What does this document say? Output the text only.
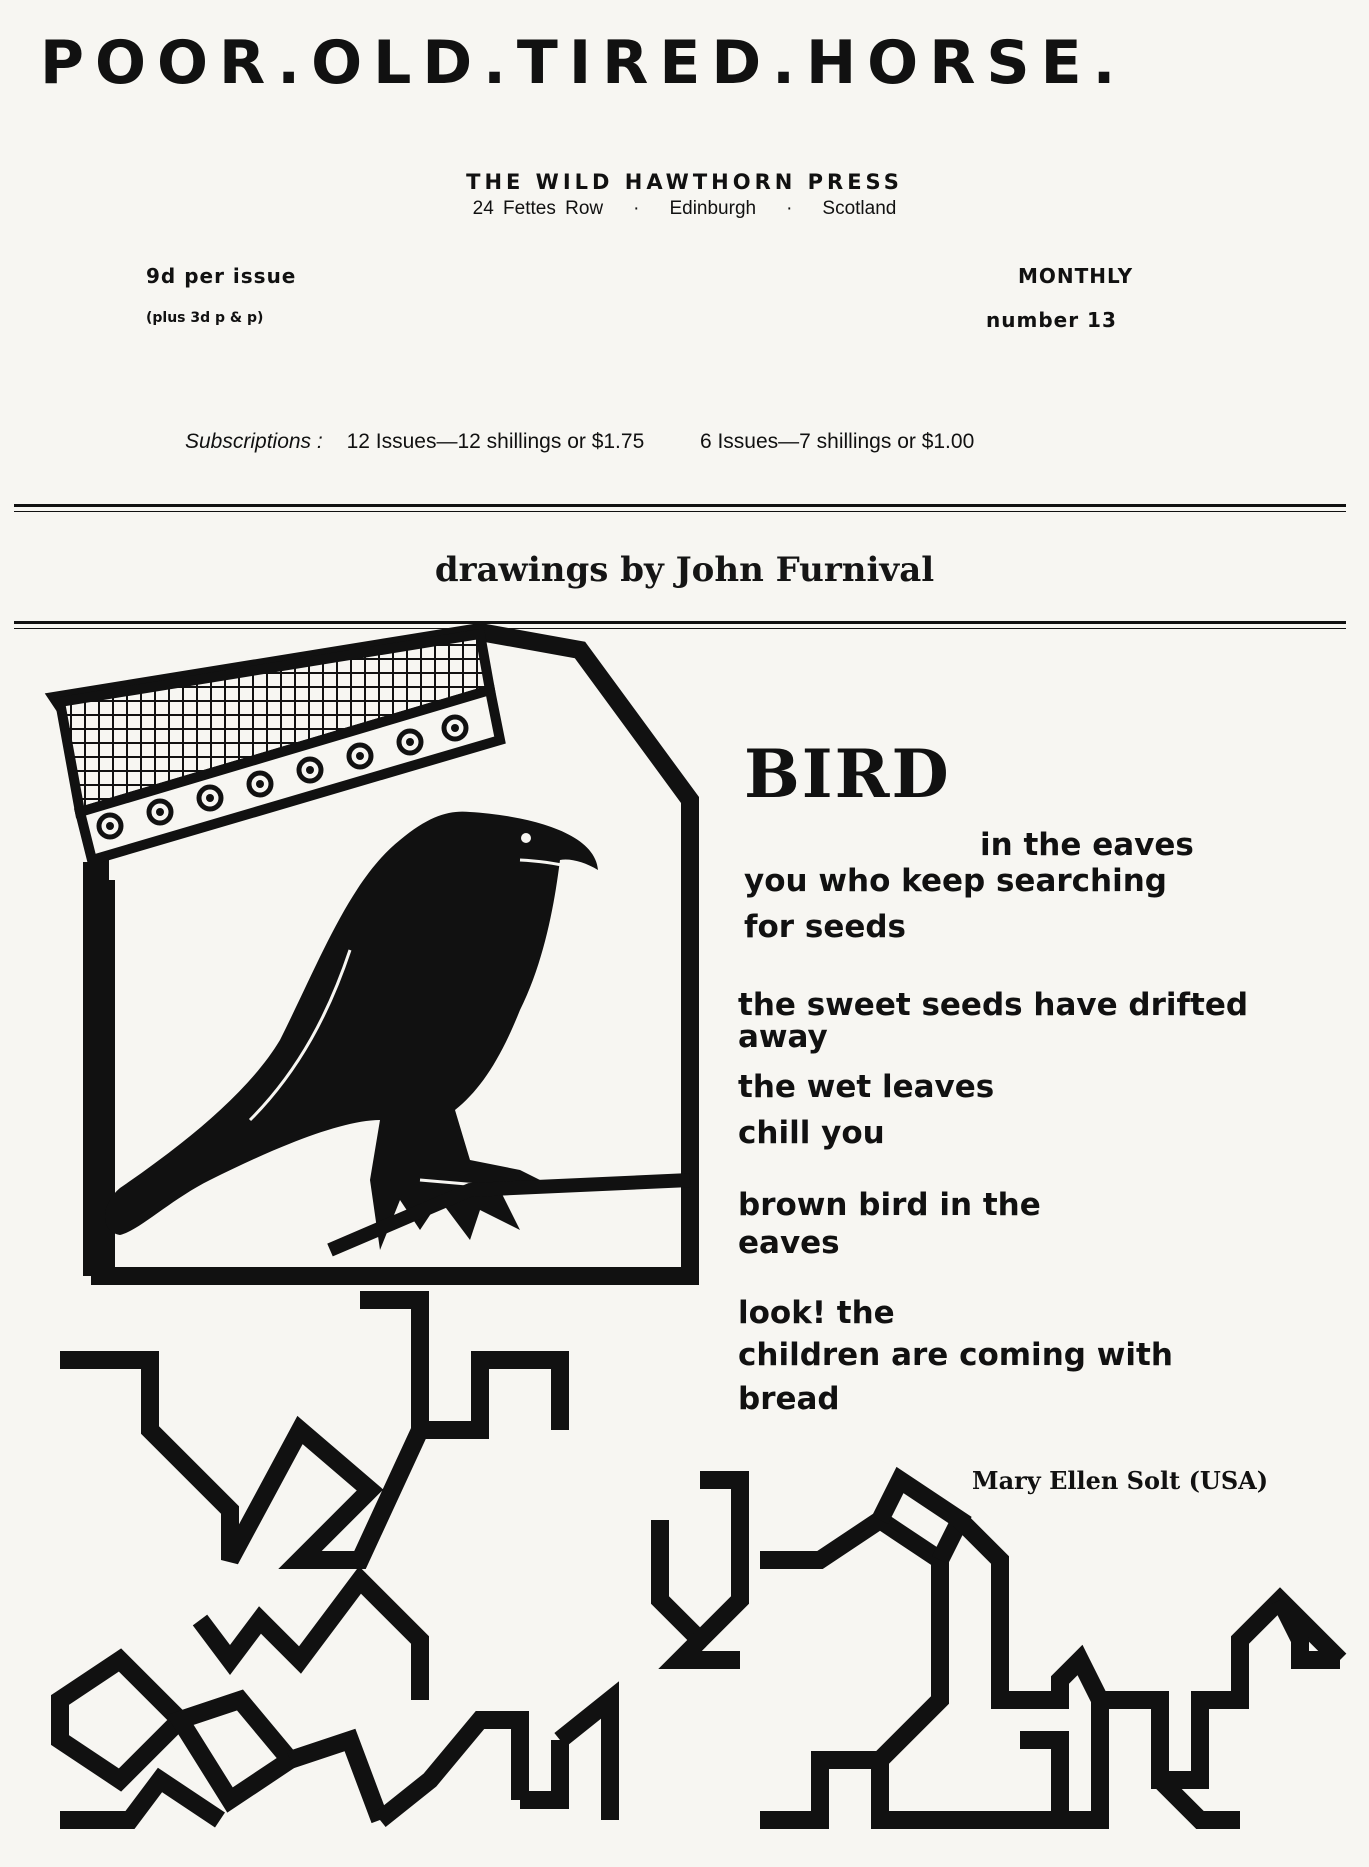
POOR.OLD.TIRED.HORSE.
THE WILD HAWTHORN PRESS
24 Fettes Row · Edinburgh · Scotland
9d per issue
(plus 3d p & p)
MONTHLY
number 13
Subscriptions : 12 Issues—12 shillings or $1.75	6 Issues—7 shillings or $1.00
drawings by John Furnival
BIRD
in the eaves
you who keep searching
for seeds
the sweet seeds have drifted
away
the wet leaves
chill you
brown bird in the
eaves
look! the
children are coming with
bread
Mary Ellen Solt (USA)
